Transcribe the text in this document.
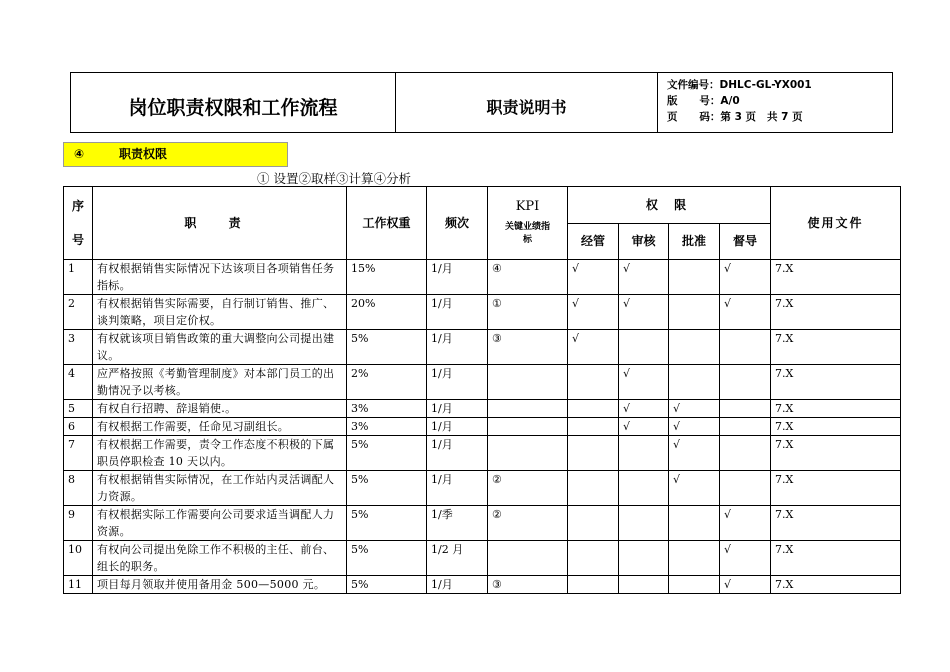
岗位职责权限和工作流程	职责说明书
文件编号：DHLC-GL-YX001
版      号：A/0
页      码：第 3 页   共 7 页
④	职责权限
① 设置②取样③计算④分析
序号	职 责	工作权重	频次	KPI
关键业绩指标	权 限				使用文件
					经管	审核	批准	督导	
1	有权根据销售实际情况下达该项目各项销售任务指标。	15%	1/月	④	√	√		√	7.X
2	有权根据销售实际需要，自行制订销售、推广、谈判策略，项目定价权。	20%	1/月	①	√	√		√	7.X
3	有权就该项目销售政策的重大调整向公司提出建议。	5%	1/月	③	√				7.X
4	应严格按照《考勤管理制度》对本部门员工的出勤情况予以考核。	2%	1/月			√			7.X
5	有权自行招聘、辞退销使.。	3%	1/月			√	√		7.X
6	有权根据工作需要，任命见习副组长。	3%	1/月			√	√		7.X
7	有权根据工作需要，责令工作态度不积极的下属职员停职检查 10 天以内。	5%	1/月				√		7.X
8	有权根据销售实际情况，在工作站内灵活调配人力资源。	5%	1/月	②			√		7.X
9	有权根据实际工作需要向公司要求适当调配人力资源。	5%	1/季	②				√	7.X
10	有权向公司提出免除工作不积极的主任、前台、组长的职务。	5%	1/2 月					√	7.X
11	项目每月领取并使用备用金 500—5000 元。	5%	1/月	③				√	7.X
